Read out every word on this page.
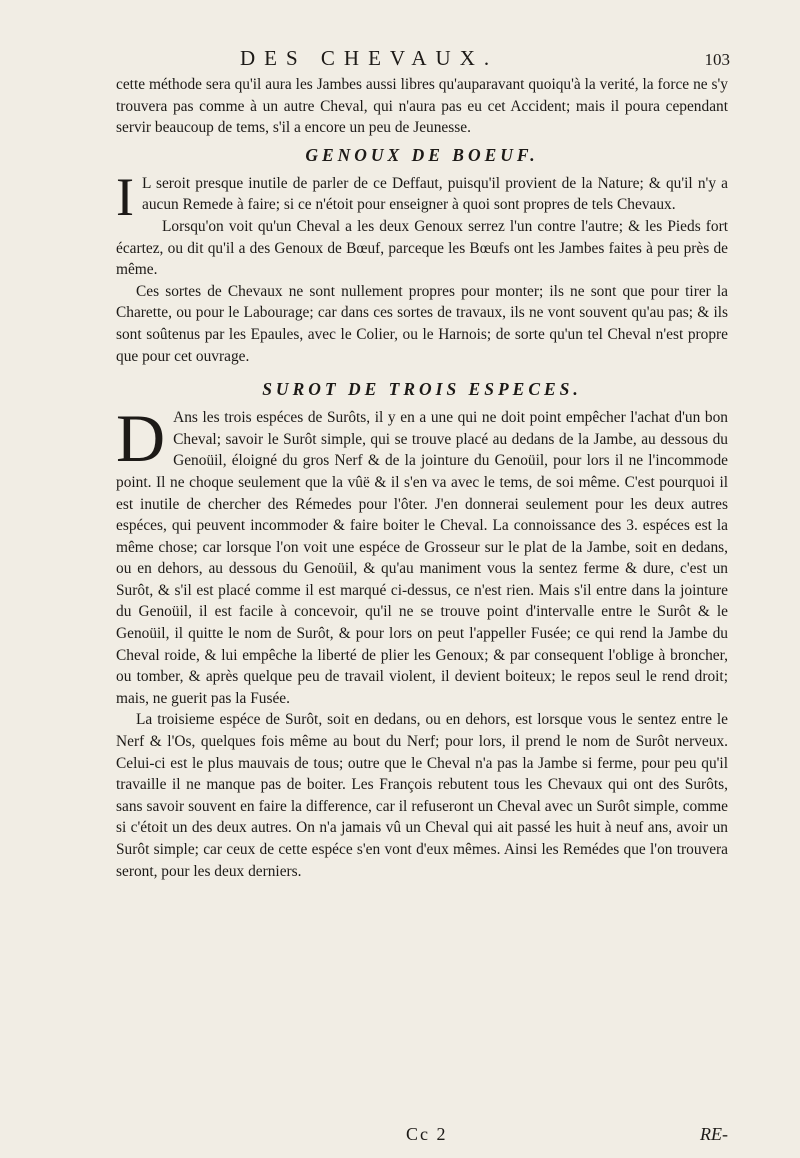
DES CHEVAUX.	103

cette méthode sera qu'il aura les Jambes aussi libres qu'auparavant quoiqu'à la verité, la force ne s'y trouvera pas comme à un autre Cheval, qui n'aura pas eu cet Accident; mais il poura cependant servir beaucoup de tems, s'il a encore un peu de Jeunesse.

GENOUX DE BOEUF.

I L seroit presque inutile de parler de ce Deffaut, puisqu'il provient de la Nature; & qu'il n'y a aucun Remede à faire; si ce n'étoit pour enseigner à quoi sont propres de tels Chevaux.

Lorsqu'on voit qu'un Cheval a les deux Genoux serrez l'un contre l'autre; & les Pieds fort écartez, ou dit qu'il a des Genoux de Bœuf, parceque les Bœufs ont les Jambes faites à peu près de même.

Ces sortes de Chevaux ne sont nullement propres pour monter; ils ne sont que pour tirer la Charette, ou pour le Labourage; car dans ces sortes de travaux, ils ne vont souvent qu'au pas; & ils sont soûtenus par les Epaules, avec le Colier, ou le Harnois; de sorte qu'un tel Cheval n'est propre que pour cet ouvrage.

SUROT DE TROIS ESPECES.

D Ans les trois espéces de Surôts, il y en a une qui ne doit point empêcher l'achat d'un bon Cheval; savoir le Surôt simple, qui se trouve placé au dedans de la Jambe, au dessous du Genoüil, éloigné du gros Nerf & de la jointure du Genoüil, pour lors il ne l'incommode point. Il ne choque seulement que la vûë & il s'en va avec le tems, de soi même. C'est pourquoi il est inutile de chercher des Rémedes pour l'ôter. J'en donnerai seulement pour les deux autres espéces, qui peuvent incommoder & faire boiter le Cheval. La connoissance des 3. espéces est la même chose; car lorsque l'on voit une espéce de Grosseur sur le plat de la Jambe, soit en dedans, ou en dehors, au dessous du Genoüil, & qu'au maniment vous la sentez ferme & dure, c'est un Surôt, & s'il est placé comme il est marqué ci-dessus, ce n'est rien. Mais s'il entre dans la jointure du Genoüil, il est facile à concevoir, qu'il ne se trouve point d'intervalle entre le Surôt & le Genoüil, il quitte le nom de Surôt, & pour lors on peut l'appeller Fusée; ce qui rend la Jambe du Cheval roide, & lui empêche la liberté de plier les Genoux; & par consequent l'oblige à broncher, ou tomber, & après quelque peu de travail violent, il devient boiteux; le repos seul le rend droit; mais, ne guerit pas la Fusée.

La troisieme espéce de Surôt, soit en dedans, ou en dehors, est lorsque vous le sentez entre le Nerf & l'Os, quelques fois même au bout du Nerf; pour lors, il prend le nom de Surôt nerveux. Celui-ci est le plus mauvais de tous; outre que le Cheval n'a pas la Jambe si ferme, pour peu qu'il travaille il ne manque pas de boiter. Les François rebutent tous les Chevaux qui ont des Surôts, sans savoir souvent en faire la difference, car il refuseront un Cheval avec un Surôt simple, comme si c'étoit un des deux autres. On n'a jamais vû un Cheval qui ait passé les huit à neuf ans, avoir un Surôt simple; car ceux de cette espéce s'en vont d'eux mêmes. Ainsi les Remédes que l'on trouvera seront, pour les deux derniers.

Cc 2	RE-
